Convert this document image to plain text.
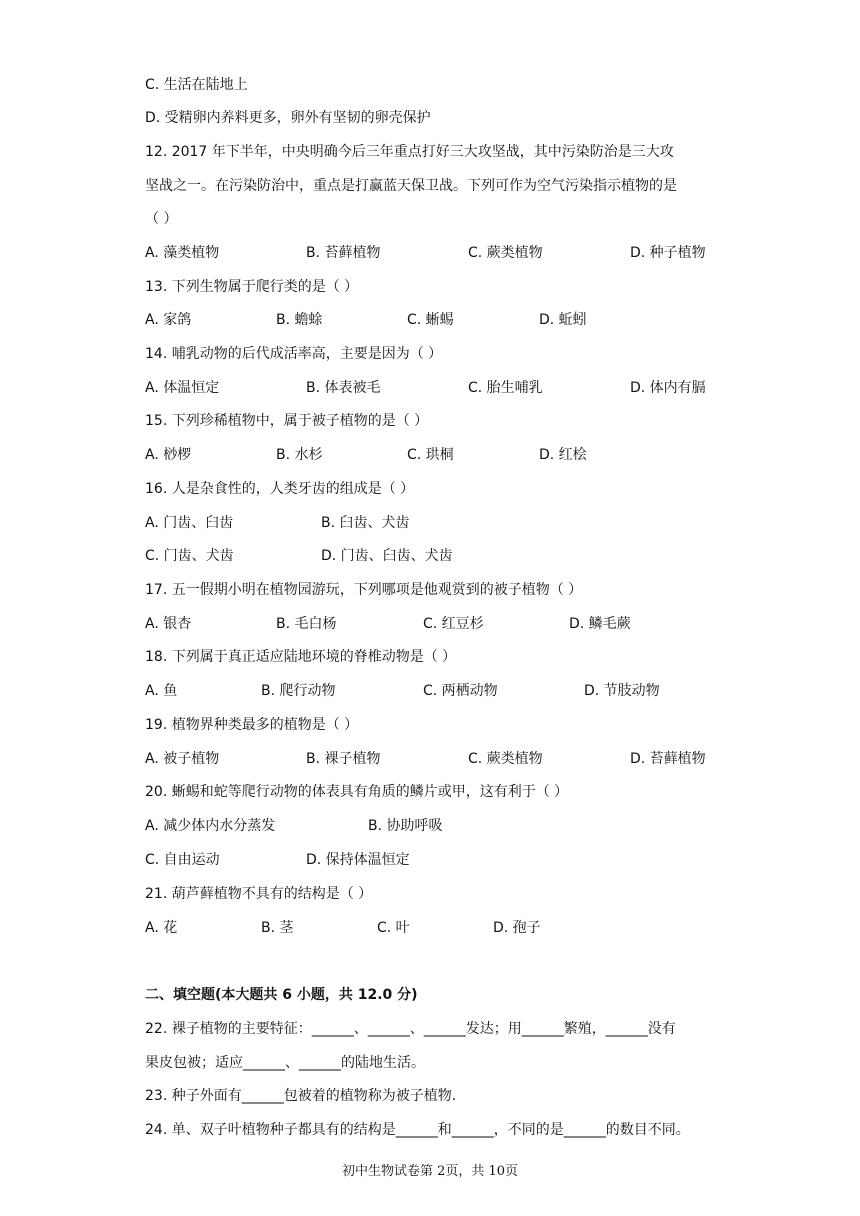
C. 生活在陆地上
D. 受精卵内养料更多，卵外有坚韧的卵壳保护
12. 2017 年下半年，中央明确今后三年重点打好三大攻坚战，其中污染防治是三大攻
坚战之一。在污染防治中，重点是打赢蓝天保卫战。下列可作为空气污染指示植物的是
（ ）
A. 藻类植物	B. 苔藓植物	C. 蕨类植物	D. 种子植物
13. 下列生物属于爬行类的是（ ）
A. 家鸽	B. 蟾蜍	C. 蜥蜴	D. 蚯蚓
14. 哺乳动物的后代成活率高，主要是因为（ ）
A. 体温恒定	B. 体表被毛	C. 胎生哺乳	D. 体内有膈
15. 下列珍稀植物中，属于被子植物的是（ ）
A. 桫椤	B. 水杉	C. 珙桐	D. 红桧
16. 人是杂食性的，人类牙齿的组成是（ ）
A. 门齿、臼齿	B. 臼齿、犬齿
C. 门齿、犬齿	D. 门齿、臼齿、犬齿
17. 五一假期小明在植物园游玩，下列哪项是他观赏到的被子植物（ ）
A. 银杏	B. 毛白杨	C. 红豆杉	D. 鳞毛蕨
18. 下列属于真正适应陆地环境的脊椎动物是（ ）
A. 鱼	B. 爬行动物	C. 两栖动物	D. 节肢动物
19. 植物界种类最多的植物是（ ）
A. 被子植物	B. 裸子植物	C. 蕨类植物	D. 苔藓植物
20. 蜥蜴和蛇等爬行动物的体表具有角质的鳞片或甲，这有利于（ ）
A. 减少体内水分蒸发	B. 协助呼吸
C. 自由运动	D. 保持体温恒定
21. 葫芦藓植物不具有的结构是（ ）
A. 花	B. 茎	C. 叶	D. 孢子
二、填空题(本大题共 6 小题，共 12.0 分)
22. 裸子植物的主要特征：______、______、______发达；用______繁殖，______没有
果皮包被；适应______、______的陆地生活。
23. 种子外面有______包被着的植物称为被子植物．
24. 单、双子叶植物种子都具有的结构是______和______，不同的是______的数目不同。
初中生物试卷第 2页，共 10页
